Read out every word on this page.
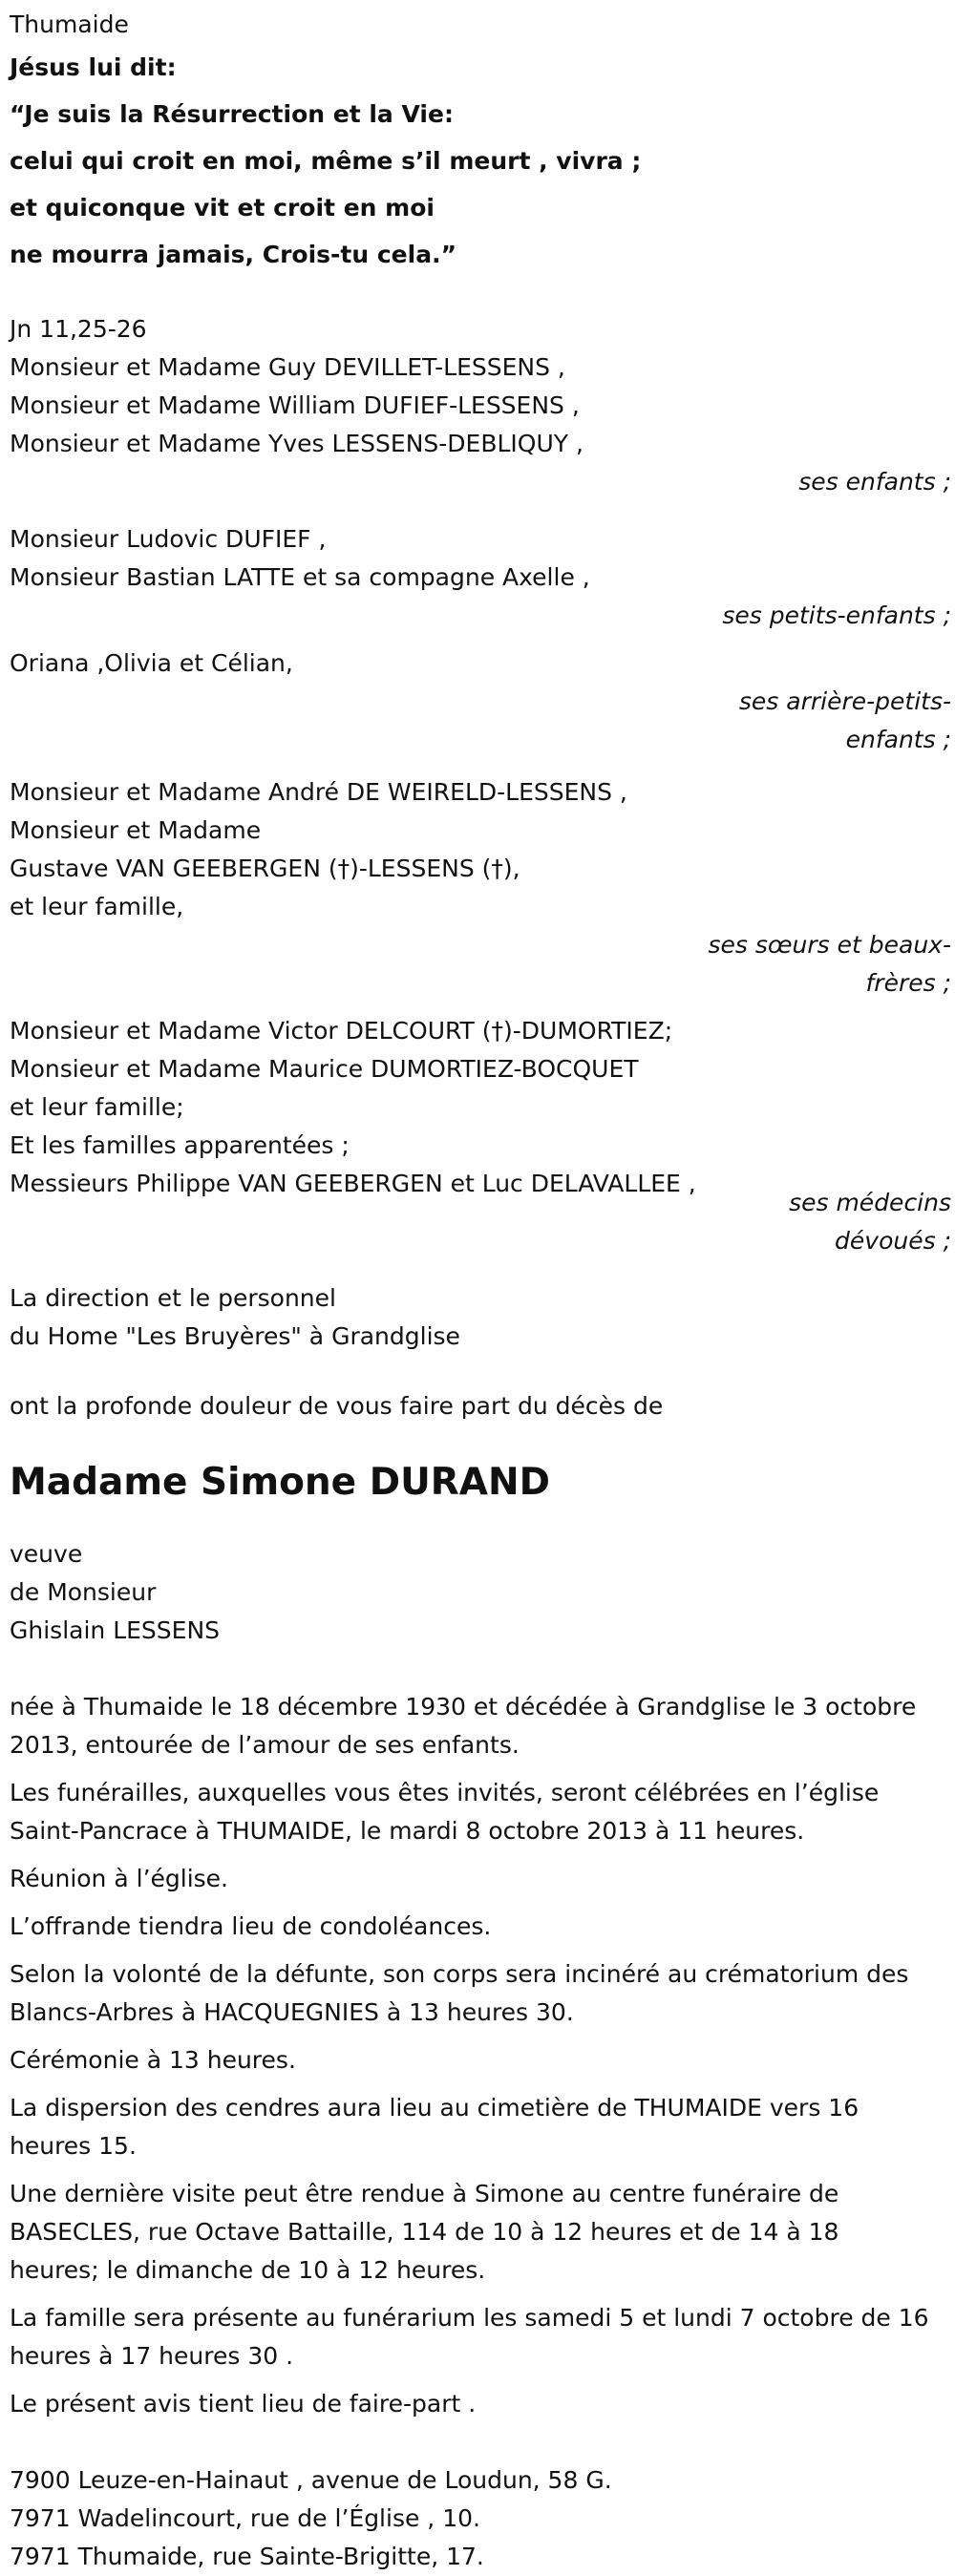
Thumaide
Jésus lui dit:
“Je suis la Résurrection et la Vie:
celui qui croit en moi, même s’il meurt , vivra ;
et quiconque vit et croit en moi
ne mourra jamais, Crois-tu cela.”
Jn 11,25-26
Monsieur et Madame Guy DEVILLET-LESSENS ,
Monsieur et Madame William DUFIEF-LESSENS ,
Monsieur et Madame Yves LESSENS-DEBLIQUY ,
ses enfants ;
Monsieur Ludovic DUFIEF ,
Monsieur Bastian LATTE et sa compagne Axelle ,
ses petits-enfants ;
Oriana ,Olivia et Célian,
ses arrière-petits-
enfants ;
Monsieur et Madame André DE WEIRELD-LESSENS ,
Monsieur et Madame
Gustave VAN GEEBERGEN (†)-LESSENS (†),
et leur famille,
ses sœurs et beaux-
frères ;
Monsieur et Madame Victor DELCOURT (†)-DUMORTIEZ;
Monsieur et Madame Maurice DUMORTIEZ-BOCQUET
et leur famille;
Et les familles apparentées ;
Messieurs Philippe VAN GEEBERGEN et Luc DELAVALLEE ,
ses médecins
dévoués ;
La direction et le personnel
du Home "Les Bruyères" à Grandglise
ont la profonde douleur de vous faire part du décès de
Madame Simone DURAND
veuve
de Monsieur
Ghislain LESSENS
née à Thumaide le 18 décembre 1930 et décédée à Grandglise le 3 octobre 2013, entourée de l’amour de ses enfants.
Les funérailles, auxquelles vous êtes invités, seront célébrées en l’église Saint-Pancrace à THUMAIDE, le mardi 8 octobre 2013 à 11 heures.
Réunion à l’église.
L’offrande tiendra lieu de condoléances.
Selon la volonté de la défunte, son corps sera incinéré au crématorium des Blancs-Arbres à HACQUEGNIES à 13 heures 30.
Cérémonie à 13 heures.
La dispersion des cendres aura lieu au cimetière de THUMAIDE vers 16 heures 15.
Une dernière visite peut être rendue à Simone au centre funéraire de BASECLES, rue Octave Battaille, 114 de 10 à 12 heures et de 14 à 18 heures; le dimanche de 10 à 12 heures.
La famille sera présente au funérarium les samedi 5 et lundi 7 octobre de 16 heures à 17 heures 30 .
Le présent avis tient lieu de faire-part .
7900 Leuze-en-Hainaut , avenue de Loudun, 58 G.
7971 Wadelincourt, rue de l’Église , 10.
7971 Thumaide, rue Sainte-Brigitte, 17.
